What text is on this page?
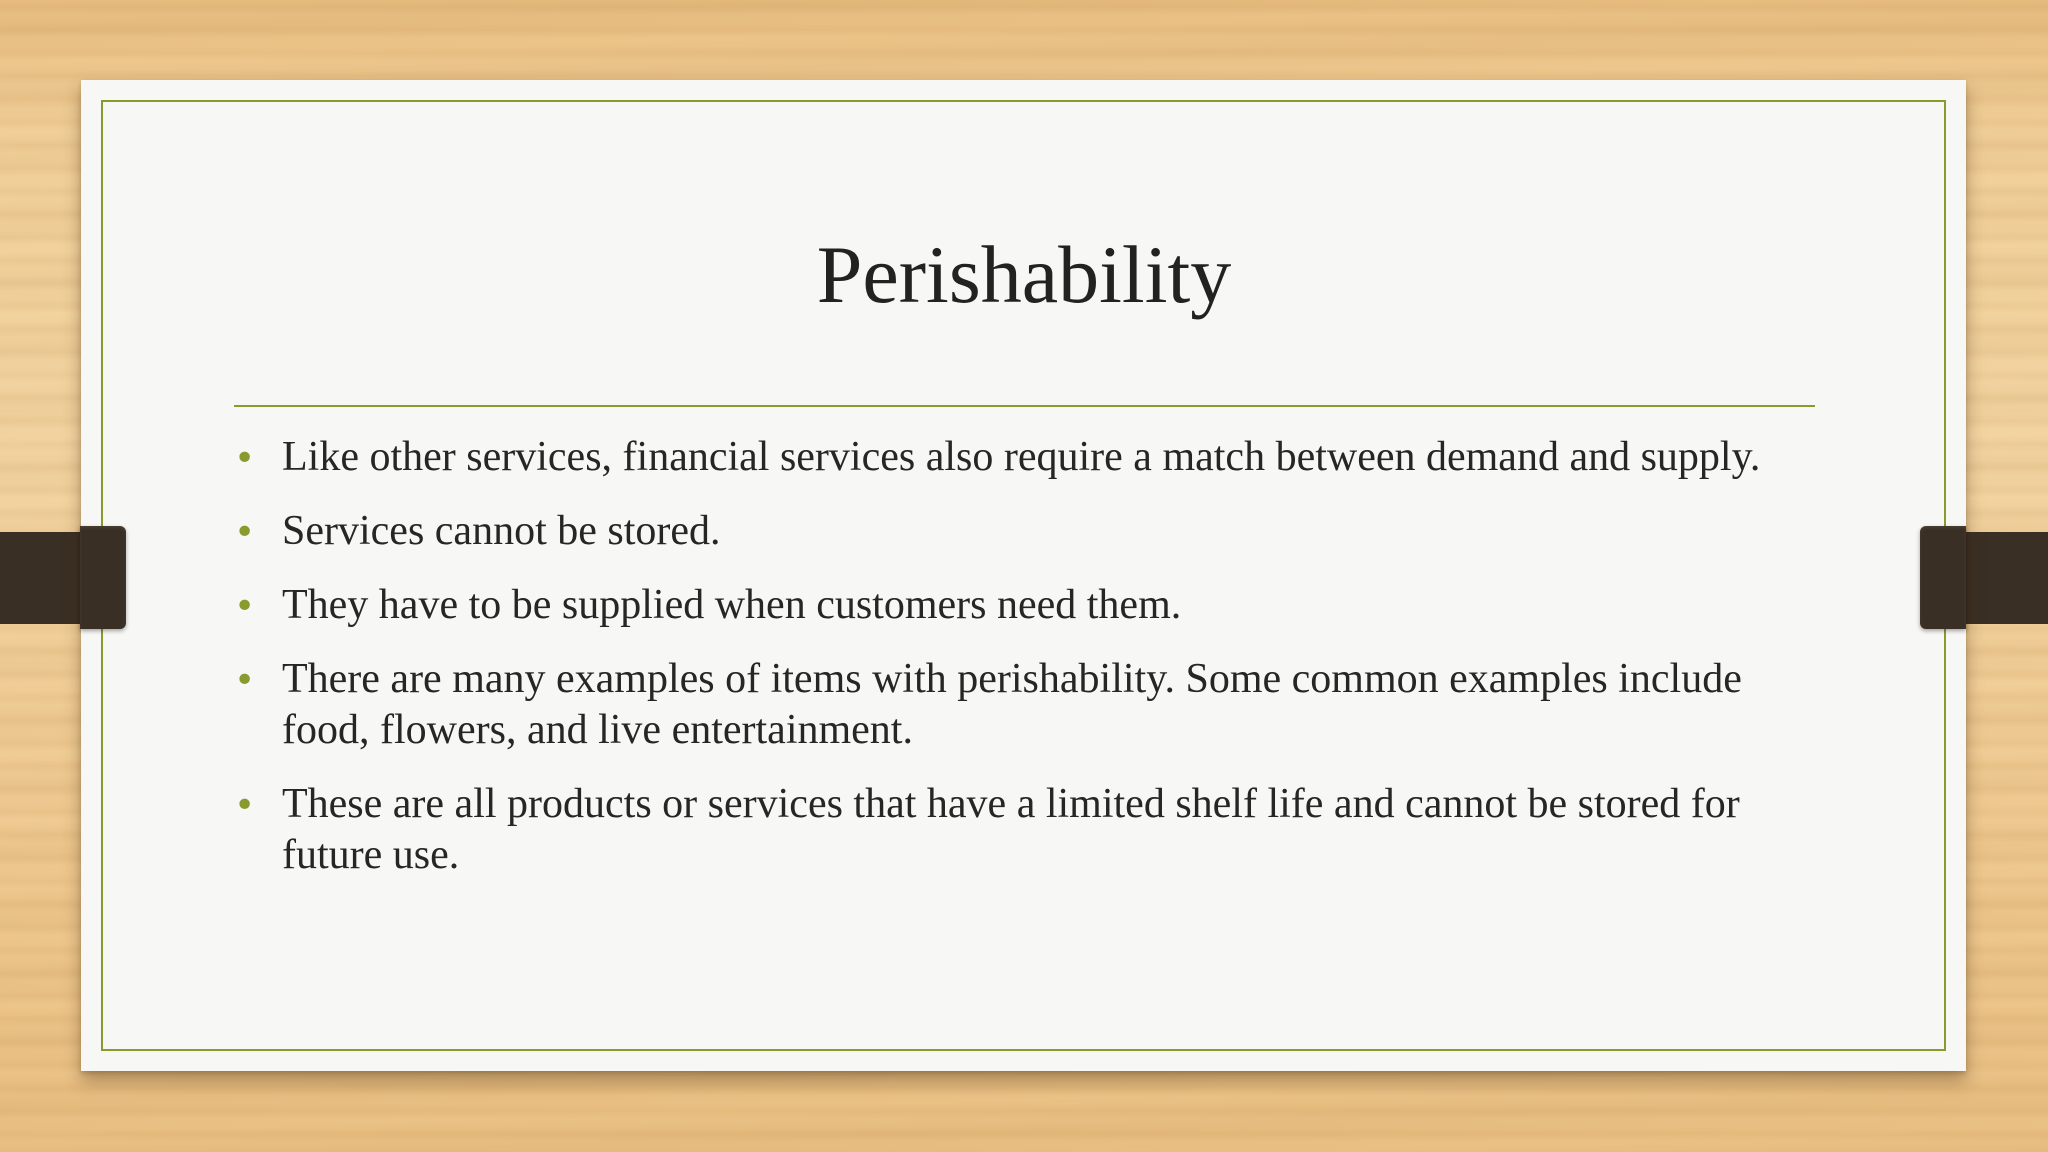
Perishability
• Like other services, financial services also require a match between demand and supply.
• Services cannot be stored.
• They have to be supplied when customers need them.
• There are many examples of items with perishability. Some common examples include food, flowers, and live entertainment.
• These are all products or services that have a limited shelf life and cannot be stored for future use.
